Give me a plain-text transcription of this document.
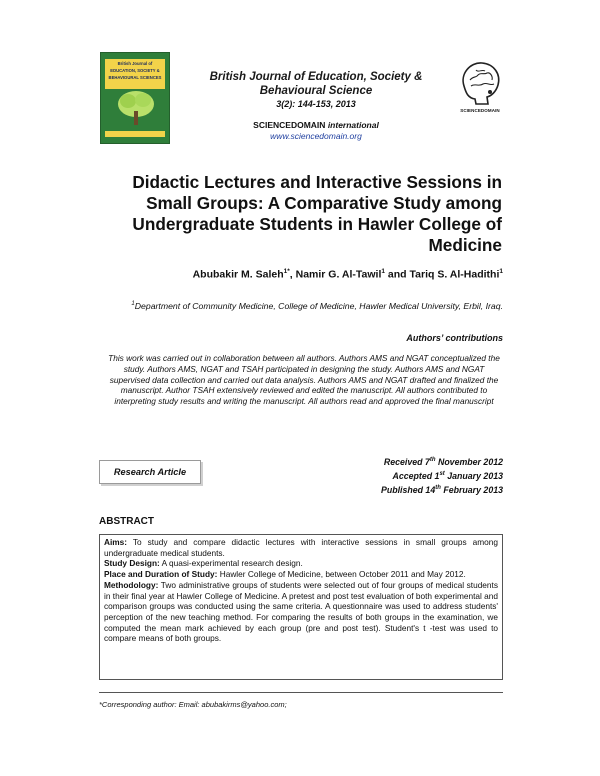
British Journal of
EDUCATION, SOCIETY &
BEHAVIOURAL SCIENCES	British Journal of Education, Society & Behavioural Science
3(2): 144-153, 2013
SCIENCEDOMAIN international
www.sciencedomain.org
SCIENCEDOMAIN
Didactic Lectures and Interactive Sessions in Small Groups: A Comparative Study among Undergraduate Students in Hawler College of Medicine
Abubakir M. Saleh$^{1*}$, Namir G. Al-Tawil$^1$ and Tariq S. Al-Hadithi$^1$
$^1$Department of Community Medicine, College of Medicine, Hawler Medical University, Erbil, Iraq.
Authors’ contributions
This work was carried out in collaboration between all authors. Authors AMS and NGAT conceptualized the study. Authors AMS, NGAT and TSAH participated in designing the study. Authors AMS and NGAT supervised data collection and carried out data analysis. Authors AMS and NGAT drafted and finalized the manuscript. Author TSAH extensively reviewed and edited the manuscript. All authors contributed to interpreting study results and writing the manuscript. All authors read and approved the final manuscript
Research Article
Received 7th November 2012
Accepted 1st January 2013
Published 14th February 2013
ABSTRACT

Aims: To study and compare didactic lectures with interactive sessions in small groups among undergraduate medical students.

Study Design: A quasi-experimental research design.

Place and Duration of Study: Hawler College of Medicine, between October 2011 and May 2012.

Methodology: Two administrative groups of students were selected out of four groups of medical students in their final year at Hawler College of Medicine. A pretest and post test evaluation of both experimental and comparison groups was conducted using the same criteria. A questionnaire was used to address students' perception of the new teaching method. For comparing the results of both groups in the examination, we computed the mean mark achieved by each group (pre and post test). Student's t -test was used to compare means of both groups.

*Corresponding author: Email: abubakirms@yahoo.com;
